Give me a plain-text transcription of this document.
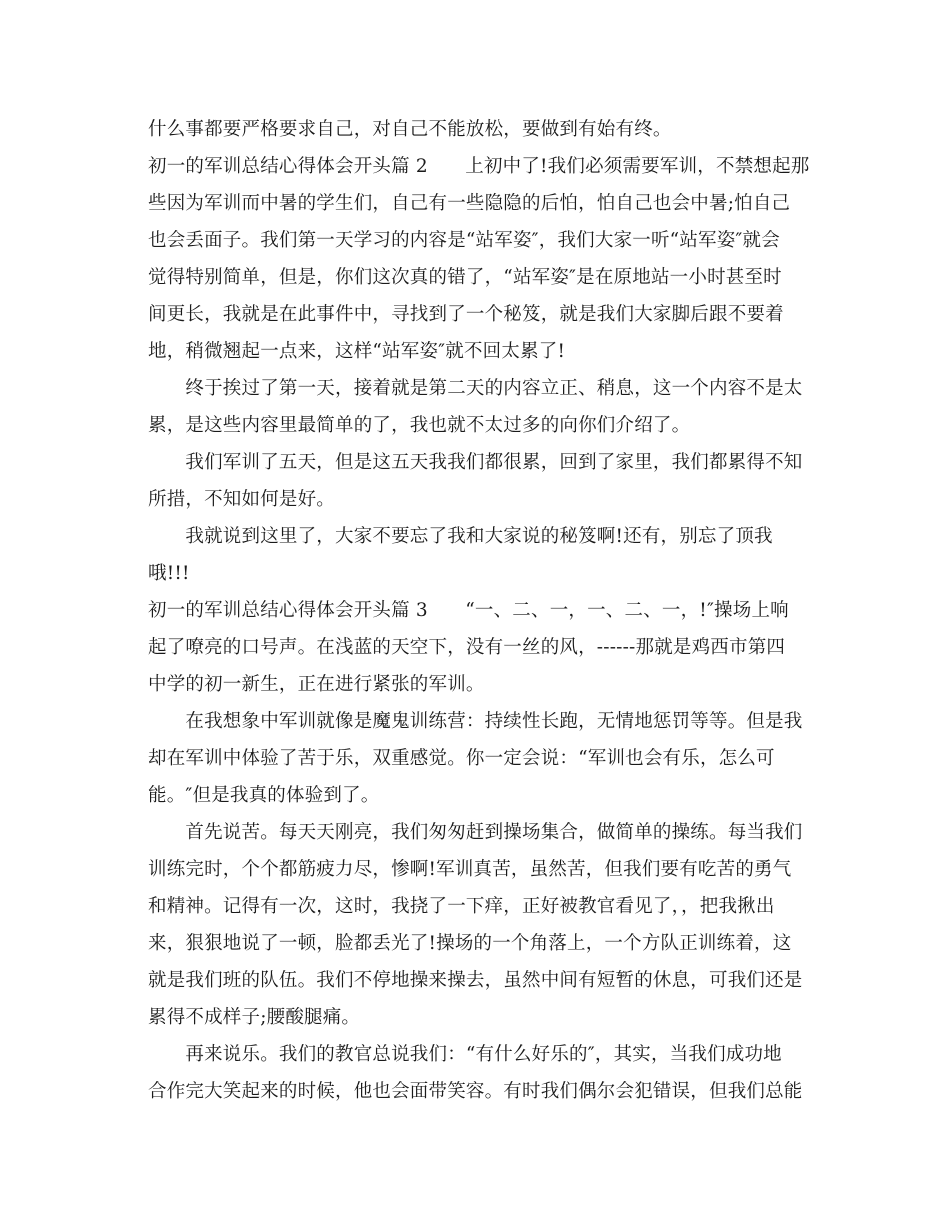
什么事都要严格要求自己，对自己不能放松，要做到有始有终。
初一的军训总结心得体会开头篇 2　　上初中了!我们必须需要军训，不禁想起那
些因为军训而中暑的学生们，自己有一些隐隐的后怕，怕自己也会中暑;怕自己
也会丢面子。我们第一天学习的内容是“站军姿″，我们大家一听“站军姿″就会
觉得特别简单，但是，你们这次真的错了，“站军姿″是在原地站一小时甚至时
间更长，我就是在此事件中，寻找到了一个秘笈，就是我们大家脚后跟不要着
地，稍微翘起一点来，这样“站军姿″就不回太累了!
　　终于挨过了第一天，接着就是第二天的内容立正、稍息，这一个内容不是太
累，是这些内容里最简单的了，我也就不太过多的向你们介绍了。
　　我们军训了五天，但是这五天我我们都很累，回到了家里，我们都累得不知
所措，不知如何是好。
　　我就说到这里了，大家不要忘了我和大家说的秘笈啊!还有，别忘了顶我
哦!!!
初一的军训总结心得体会开头篇 3　　“一、二、一，一、二、一，!″操场上响
起了嘹亮的口号声。在浅蓝的天空下，没有一丝的风，------那就是鸡西市第四
中学的初一新生，正在进行紧张的军训。
　　在我想象中军训就像是魔鬼训练营：持续性长跑，无情地惩罚等等。但是我
却在军训中体验了苦于乐，双重感觉。你一定会说：“军训也会有乐，怎么可
能。″但是我真的体验到了。
　　首先说苦。每天天刚亮，我们匆匆赶到操场集合，做简单的操练。每当我们
训练完时，个个都筋疲力尽，惨啊!军训真苦，虽然苦，但我们要有吃苦的勇气
和精神。记得有一次，这时，我挠了一下痒，正好被教官看见了，，把我揪出
来，狠狠地说了一顿，脸都丢光了!操场的一个角落上，一个方队正训练着，这
就是我们班的队伍。我们不停地操来操去，虽然中间有短暂的休息，可我们还是
累得不成样子;腰酸腿痛。
　　再来说乐。我们的教官总说我们：“有什么好乐的″，其实，当我们成功地
合作完大笑起来的时候，他也会面带笑容。有时我们偶尔会犯错误，但我们总能
